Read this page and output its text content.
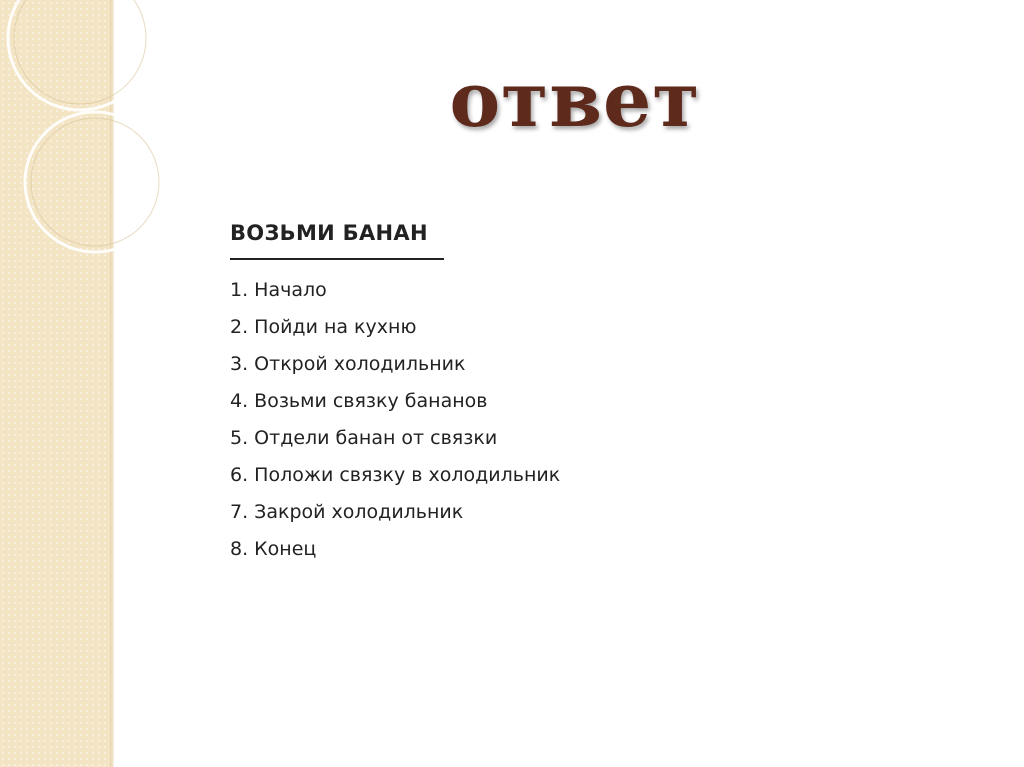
ответ

ВОЗЬМИ БАНАН

1. Начало
2. Пойди на кухню
3. Открой холодильник
4. Возьми связку бананов
5. Отдели банан от связки
6. Положи связку в холодильник
7. Закрой холодильник
8. Конец
